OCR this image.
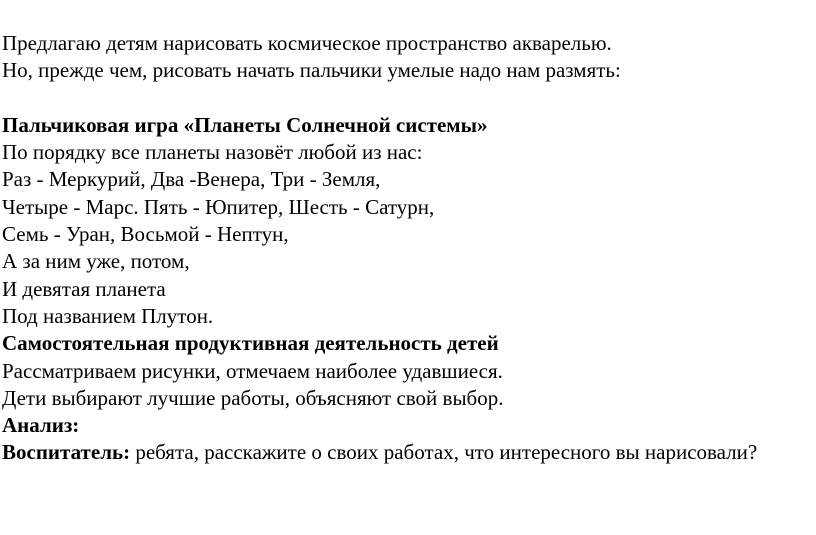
Предлагаю детям нарисовать космическое пространство акварелью.

Но, прежде чем, рисовать начать пальчики умелые надо нам размять:

Пальчиковая игра «Планеты Солнечной системы»

По порядку все планеты назовёт любой из нас:

Раз - Меркурий, Два -Венера, Три - Земля,

Четыре - Марс. Пять - Юпитер, Шесть - Сатурн,

Семь - Уран, Восьмой - Нептун,

А за ним уже, потом,

И девятая планета

Под названием Плутон.

Самостоятельная продуктивная деятельность детей

Рассматриваем рисунки, отмечаем наиболее удавшиеся.

Дети выбирают лучшие работы, объясняют свой выбор.

Анализ:

Воспитатель: ребята, расскажите о своих работах, что интересного вы нарисовали?
